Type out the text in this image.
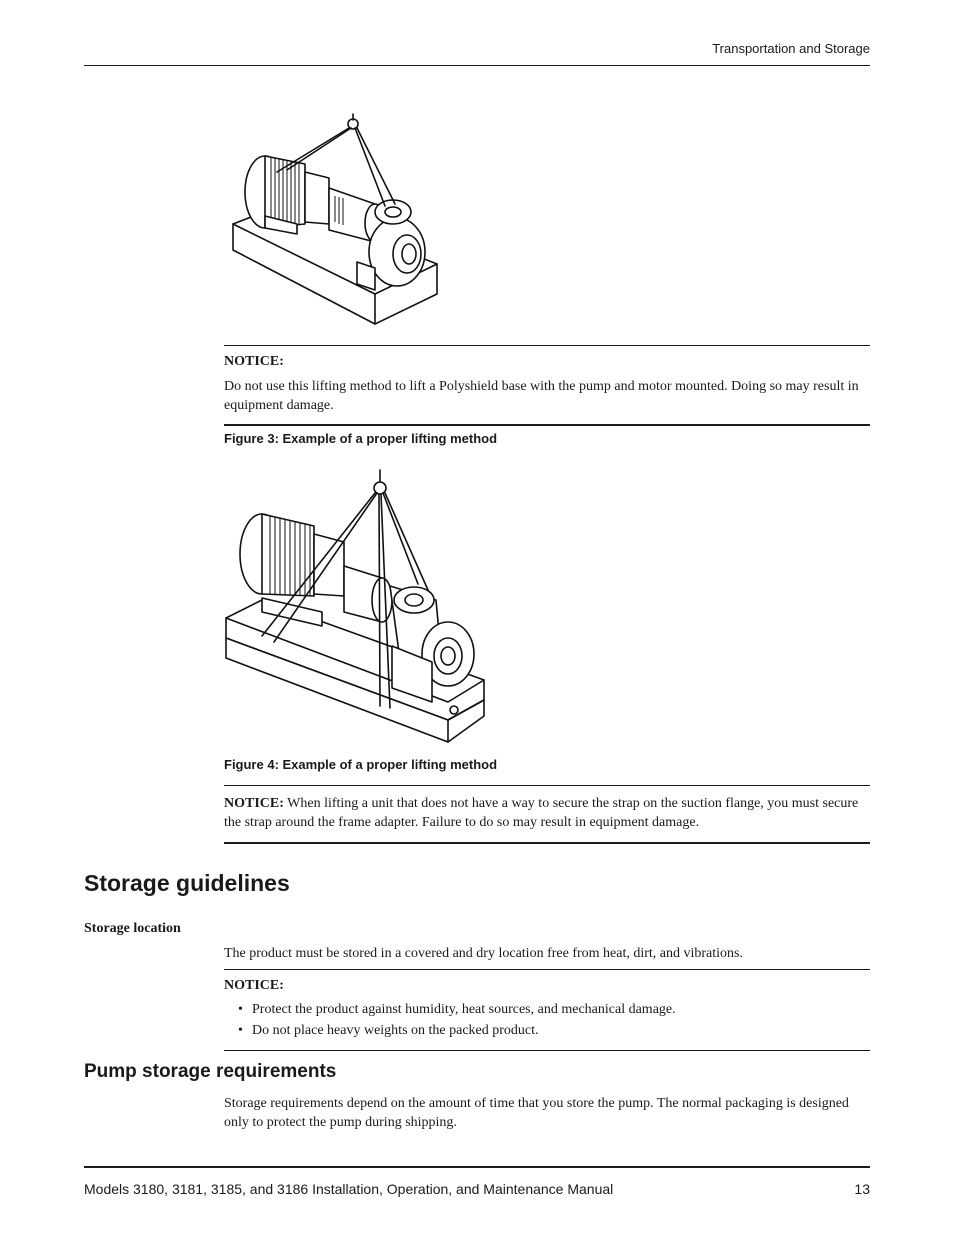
Transportation and Storage
NOTICE:
Do not use this lifting method to lift a Polyshield base with the pump and motor mounted. Doing so may result in equipment damage.
Figure 3: Example of a proper lifting method
Figure 4: Example of a proper lifting method
NOTICE: When lifting a unit that does not have a way to secure the strap on the suction flange, you must secure the strap around the frame adapter. Failure to do so may result in equipment damage.
Storage guidelines
Storage location
The product must be stored in a covered and dry location free from heat, dirt, and vibrations.
NOTICE:
• Protect the product against humidity, heat sources, and mechanical damage.
• Do not place heavy weights on the packed product.
Pump storage requirements
Storage requirements depend on the amount of time that you store the pump. The normal packaging is designed only to protect the pump during shipping.
Models 3180, 3181, 3185, and 3186 Installation, Operation, and Maintenance Manual	13
